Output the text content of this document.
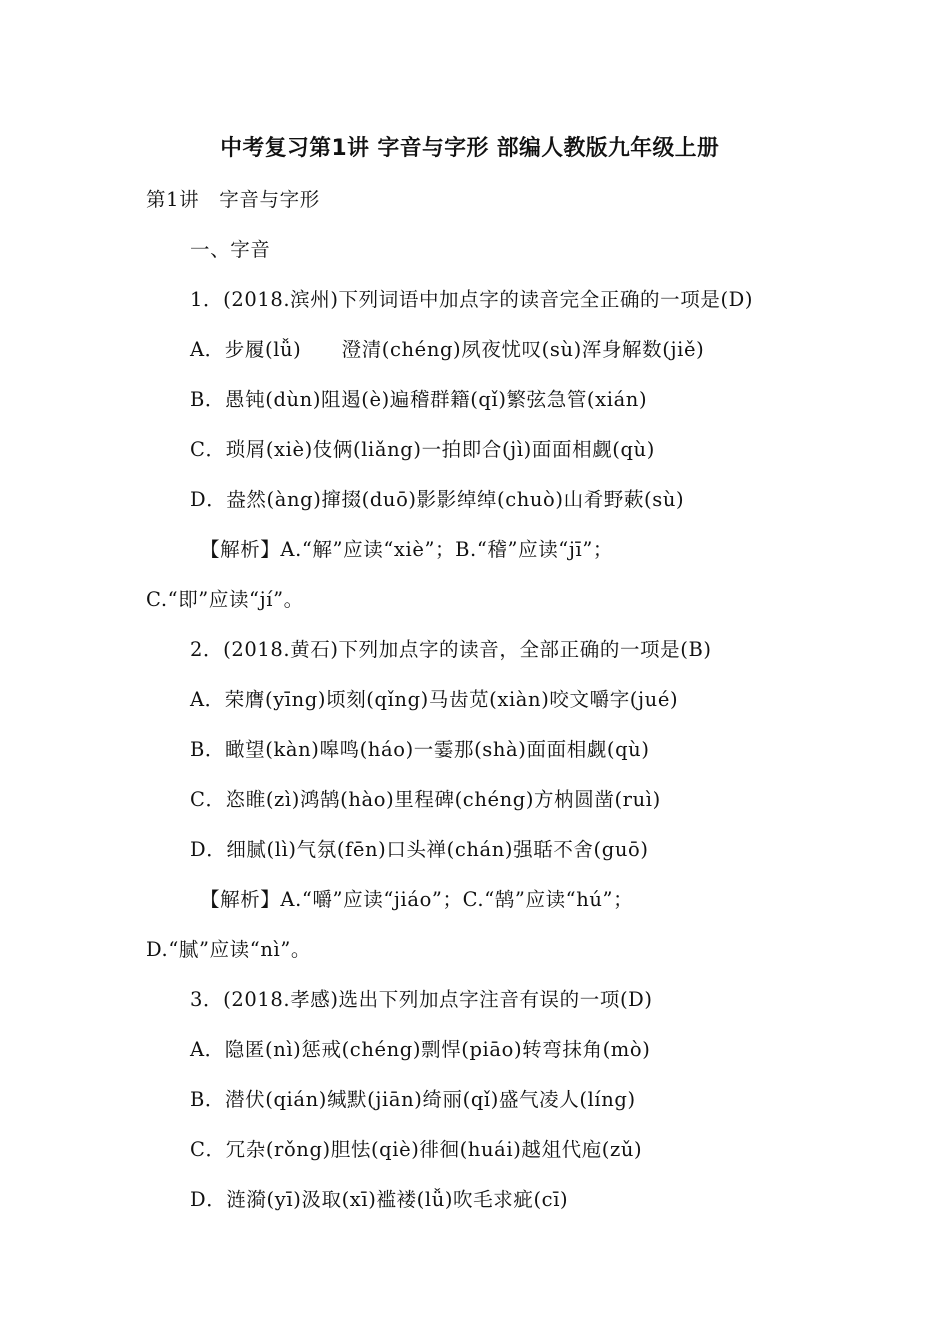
中考复习第1讲 字音与字形 部编人教版九年级上册
第1讲　字音与字形
一、字音
1．(2018.滨州)下列词语中加点字的读音完全正确的一项是(D)
A．步履(lǚ)　　澄清(chéng)夙夜忧叹(sù)浑身解数(jiě)
B．愚钝(dùn)阻遏(è)遍稽群籍(qǐ)繁弦急管(xián)
C．琐屑(xiè)伎俩(liǎng)一拍即合(jì)面面相觑(qù)
D．盎然(àng)撺掇(duō)影影绰绰(chuò)山肴野蔌(sù)
【解析】A.“解”应读“xiè”；B.“稽”应读“jī”；
C.“即”应读“jí”。
2．(2018.黄石)下列加点字的读音，全部正确的一项是(B)
A．荣膺(yīng)顷刻(qǐng)马齿苋(xiàn)咬文嚼字(jué)
B．瞰望(kàn)嗥鸣(háo)一霎那(shà)面面相觑(qù)
C．恣睢(zì)鸿鹄(hào)里程碑(chéng)方枘圆凿(ruì)
D．细腻(lì)气氛(fēn)口头禅(chán)强聒不舍(guō)
【解析】A.“嚼”应读“jiáo”；C.“鹄”应读“hú”；
D.“腻”应读“nì”。
3．(2018.孝感)选出下列加点字注音有误的一项(D)
A．隐匿(nì)惩戒(chéng)剽悍(piāo)转弯抹角(mò)
B．潜伏(qián)缄默(jiān)绮丽(qǐ)盛气凌人(líng)
C．冗杂(rǒng)胆怯(qiè)徘徊(huái)越俎代庖(zǔ)
D．涟漪(yī)汲取(xī)褴褛(lǚ)吹毛求疵(cī)
